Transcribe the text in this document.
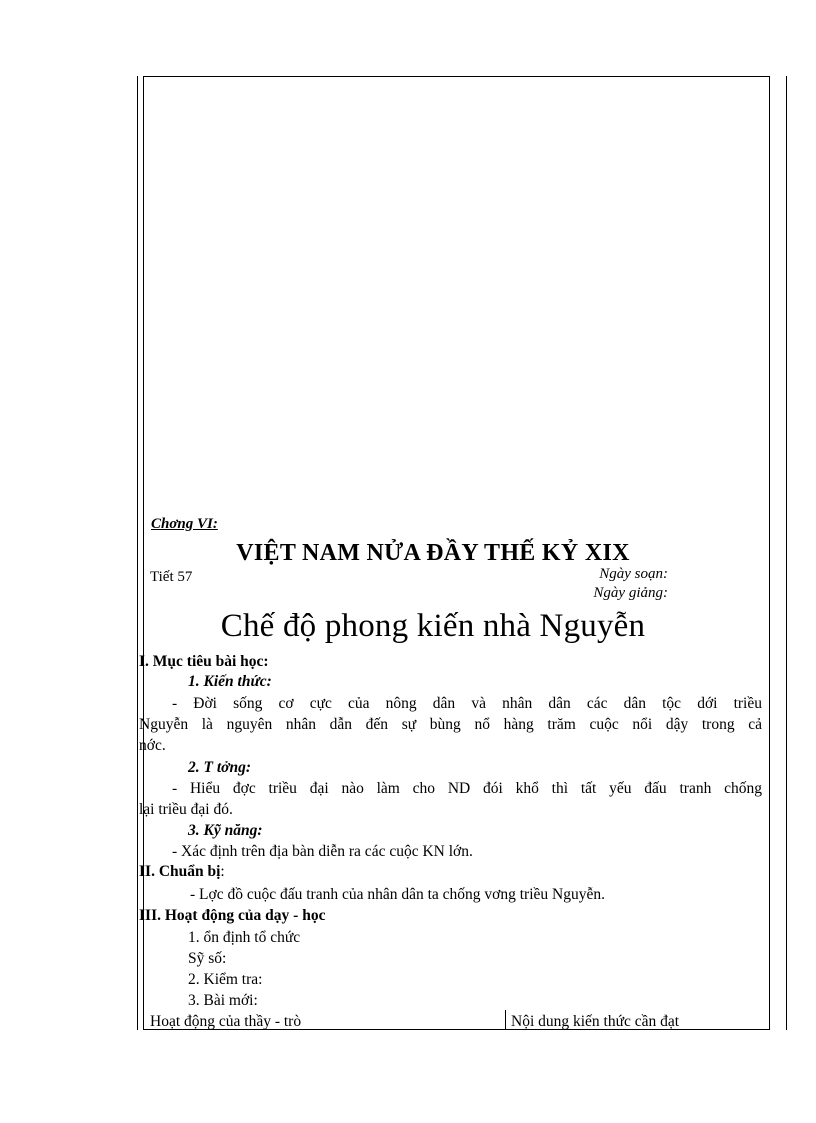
Chơng VI:
VIỆT NAM NỬA ĐẦY THẾ KỶ XIX
Tiết 57	Ngày soạn:
Ngày giảng:
Chế độ phong kiến nhà Nguyễn
I. Mục tiêu bài học:
1. Kiến thức:
- Đời sống cơ cực của nông dân và nhân dân các dân tộc dới triều
Nguyễn là nguyên nhân dẫn đến sự bùng nổ hàng trăm cuộc nổi dậy trong cả
nớc.
2. T tởng:
- Hiểu đợc triều đại nào làm cho ND đói khổ thì tất yếu đấu tranh chống
lại triều đại đó.
3. Kỹ năng:
- Xác định trên địa bàn diễn ra các cuộc KN lớn.
II. Chuẩn bị:
- Lợc đồ cuộc đấu tranh của nhân dân ta chống vơng triều Nguyễn.
III. Hoạt động của dạy - học
1. ổn định tổ chức
Sỹ số:
2. Kiểm tra:
3. Bài mới:
Hoạt động của thầy - trò	Nội dung kiến thức cần đạt
